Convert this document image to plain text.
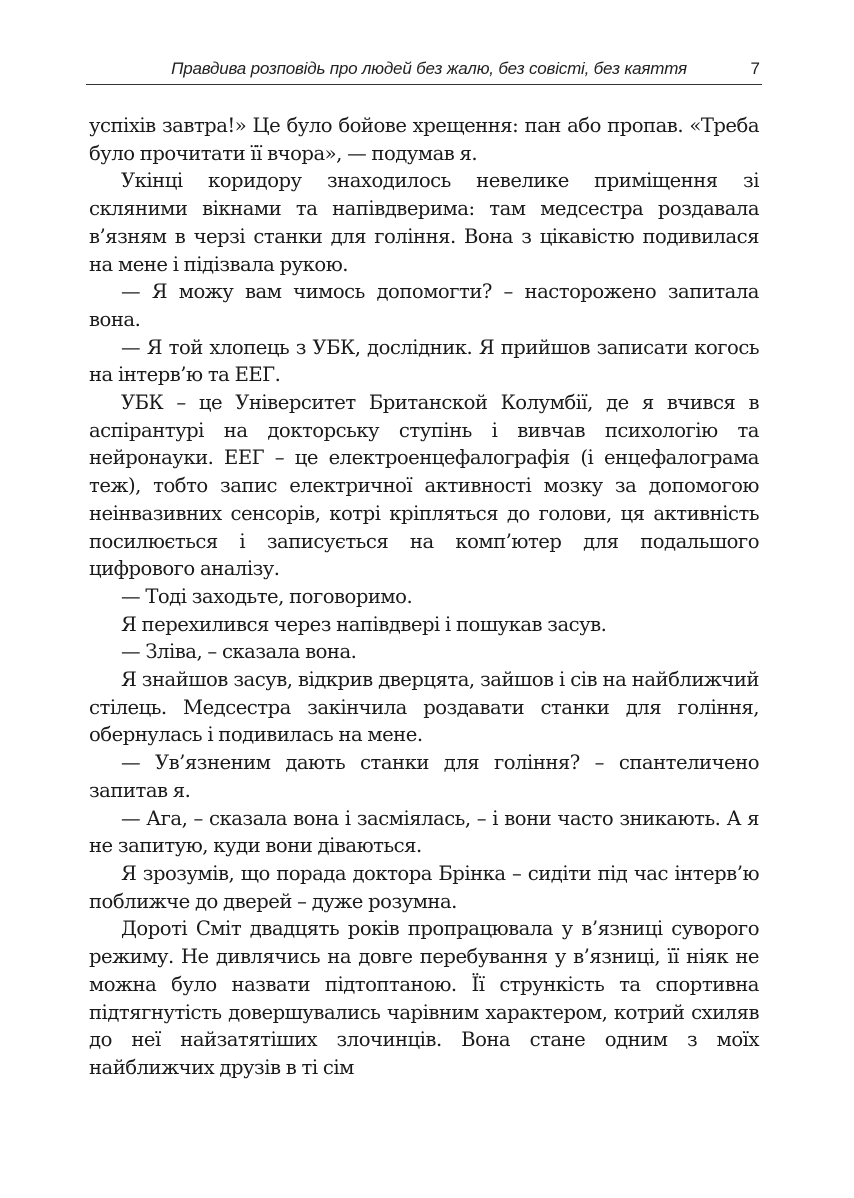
Правдива розповідь про людей без жалю, без совісті, без каяття	7

успіхів завтра!» Це було бойове хрещення: пан або пропав. «Треба було прочитати її вчора», — подумав я.

Укінці коридору знаходилось невелике приміщення зі скляними вікнами та напівдверима: там медсестра роздавала в’язням в черзі станки для гоління. Вона з цікавістю подивилася на мене і підізвала рукою.

— Я можу вам чимось допомогти? – насторожено запитала вона.

— Я той хлопець з УБК, дослідник. Я прийшов записати когось на інтерв’ю та ЕЕГ.

УБК – це Університет Британской Колумбії, де я вчився в аспірантурі на докторську ступінь і вивчав психологію та нейронауки. ЕЕГ – це електроенцефалографія (і енцефалограма теж), тобто запис електричної активності мозку за допомогою неінвазивних сенсорів, котрі кріпляться до голови, ця активність посилюється і записується на комп’ютер для подальшого цифрового аналізу.

— Тоді заходьте, поговоримо.

Я перехилився через напівдвері і пошукав засув.

— Зліва, – сказала вона.

Я знайшов засув, відкрив дверцята, зайшов і сів на найближчий стілець. Медсестра закінчила роздавати станки для гоління, обернулась і подивилась на мене.

— Ув’язненим дають станки для гоління? – спантеличено запитав я.

— Ага, – сказала вона і засміялась, – і вони часто зникають. А я не запитую, куди вони діваються.

Я зрозумів, що порада доктора Брінка – сидіти під час інтерв’ю поближче до дверей – дуже розумна.

Дороті Сміт двадцять років пропрацювала у в’язниці суворого режиму. Не дивлячись на довге перебування у в’язниці, її ніяк не можна було назвати підтоптаною. Її стрункість та спортивна підтягнутість довершувались чарівним характером, котрий схиляв до неї найзатятіших злочинців. Вона стане одним з моїх найближчих друзів в ті сім
